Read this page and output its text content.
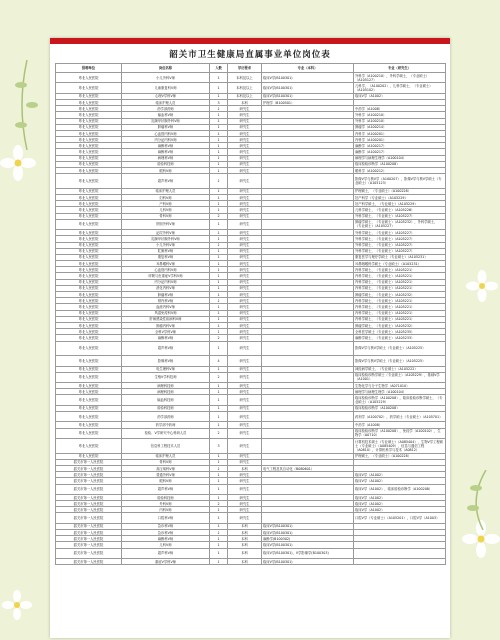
韶关市卫生健康局直属事业单位岗位表
招聘单位	岗位名称	人数	学历要求	专业（本科）	专业（研究生）
粤北人民医院	小儿外科V师	1	本科及以上	临床V学(B100301)	外科学（A100210），外科学硕士，（专业硕士）（A105127）
粤北人民医院	儿童康复科V师	1	本科及以上	临床V学(B100301)	儿科学，（A100202），儿科学硕士，（专业硕士）（A105102）
粤北人民医院	心理V学科V师	1	本科及以上	临床V学(B100301)	临床V学（A1002）
粤北人民医院	临床护理人员	3	本科	护理学（B100501）	
粤北人民医院	药学部药师	1	研究生		中药学（A1008）
粤北人民医院	输血科V师	1	研究生		外科学（A100210）
粤北人民医院	乳腺甲状腺外科V师	1	研究生		外科学（A100210）
粤北人民医院	肿瘤科V师	1	研究生		肿瘤学（A100214）
粤北人民医院	心血管内科V师	1	研究生		内科学（A100201）
粤北人民医院	内分泌内科V师	1	研究生		内科学（A100201）
粤北人民医院	麻醉科V师	1	研究生		麻醉学（A100217）
粤北人民医院	麻醉科V师	1	研究生		麻醉学（A100217）
粤北人民医院	病理科V师	1	研究生		病理学与病理生理学（A100104）
粤北人民医院	检验科技师	1	研究生		临床检验诊断学（A100208）
粤北人民医院	眼科V师	1	研究生		眼科学（A100212）
粤北人民医院	超声科V师	1	研究生		影像V学与核V学（A100207），影像V学与核V学硕士（专业硕士）（A105123）
粤北人民医院	临床护理人员	1	研究生		护理硕士，（专业硕士）（A100228）
粤北人民医院	妇科V师	1	研究生		妇产科学（专业硕士）（A105229）
粤北人民医院	产科V师	1	研究生		妇产科学硕士，（专业硕士）（A105229）
粤北人民医院	儿科V师	1	研究生		儿科学硕士，（专业硕士）（A105226）
粤北人民医院	骨科V师	2	研究生		外科学硕士，（专业硕士）（A105227）
粤北人民医院	肝胆外科V师	1	研究生		肿瘤学硕士，（专业硕士）（A105232），外科学硕士，（专业硕士）（A105227）
粤北人民医院	泌尿外科V师	1	研究生		外科学硕士，（专业硕士）（A105227）
粤北人民医院	乳腺甲状腺外科V师	1	研究生		外科学硕士，（专业硕士）（A105227）
粤北人民医院	小儿外科V师	1	研究生		外科学硕士，（专业硕士）（A105227）
粤北人民医院	肛肠科V师	1	研究生		外科学硕士，（专业硕士）（A105227）
粤北人民医院	康复科V师	1	研究生		康复医学与理疗学硕士（专业硕士）（A105231）
粤北人民医院	耳鼻喉科V师	1	研究生		耳鼻咽喉科学硕士（专业硕士）（A105231）
粤北人民医院	心血管内科V师	1	研究生		内科学硕士，（专业硕士）（A105221）
粤北人民医院	呼吸与危重症V学科V师	1	研究生		内科学硕士，（专业硕士）（A105221）
粤北人民医院	内分泌内科V师	1	研究生		内科学硕士，（专业硕士）（A105221）
粤北人民医院	消化内科V师	1	研究生		内科学硕士，（专业硕士）（A105221）
粤北人民医院	肿瘤科V师	1	研究生		肿瘤学硕士，（专业硕士）（A105232）
粤北人民医院	肾内科V师	1	研究生		内科学硕士，（专业硕士）（A105221）
粤北人民医院	血液内科V师	1	研究生		内科学硕士，（专业硕士）（A105221）
粤北人民医院	风湿免疫科V师	1	研究生		内科学硕士，（专业硕士）（A105221）
粤北人民医院	肝病感染性疾病科V师	1	研究生		内科学硕士，（专业硕士）（A105221）
粤北人民医院	肿瘤内科V师	1	研究生		肿瘤学硕士，（专业硕士）（A105232）
粤北人民医院	全科V学科V师	1	研究生		全科医学硕士（专业硕士）（A105235）
粤北人民医院	麻醉科V师	2	研究生		麻醉学硕士，（专业硕士）（A105233）
粤北人民医院	超声科V师	1	研究生		影像V学与核V学硕士（专业硕士）（A105225）
粤北人民医院	影像科V师	4	研究生		影像V学与核V学硕士（专业硕士）（A105225）
粤北人民医院	电生理科V师	1	研究生		神经病学硕士，（专业硕士）（A105222）
粤北人民医院	生殖V学科技师	2	研究生		临床检验诊断学硕士（专业硕士）（A105229），基础V学（A1001）
粤北人民医院	病理科技师	1	研究生		生物化学与分子生物学（A071010）
粤北人民医院	病理科技师	1	研究生		病理学与病理生理学（A100104）
粤北人民医院	输血科技师	1	研究生		临床检验诊断学（A100208），临床检验诊断学硕士，（专业硕士）（A105229）
粤北人民医院	检验科技师	1	研究生		临床检验诊断学（A100208）
粤北人民医院	药学部药师	1	研究生		药剂学（A100702），药学硕士（专业硕士）（A105701）
粤北人民医院	药学部中药师	1	研究生		中药学（A1008）
粤北人民医院	检验、V学研究中心科研人员	2	研究生		临床检验诊断学（A100208），免疫学（A100102），生物学（A0710）
粤北人民医院	信息科工程技术人员	3	研究生		计算机技术硕士（专业硕士）（A085404），生物V学工程硕士（专业硕士）（A085409），信息与通信工程（A0810），计算机科学与技术（A0812）
粤北人民医院	临床护理人员	1	研究生		护理硕士，（专业硕士）（A100228）
韶关市第一人民医院	骨科V师	1	研究生		
韶关市第一人民医院	高压氧科V师	1	本科	电气工程及其自动化（B080601）	
韶关市第一人民医院	普通外科V师	1	研究生		临床V学（A1002）
韶关市第一人民医院	眼科V师	1	研究生		临床V学（A1002）
韶关市第一人民医院	超声科V师	1	研究生		临床V学（A1002），临床检验诊断学（A100208）
韶关市第一人民医院	检验科技师	1	研究生		临床V学（A1002）
韶关市第一人民医院	外科V师	2	研究生		临床V学（A1002）
韶关市第一人民医院	内科V师	1	研究生		临床V学（A1002）
韶关市第一人民医院	口腔科V师	1	研究生		口腔V学（专业硕士）（A105201），口腔V学（A1003）
韶关市第一人民医院	急诊科V师	1	本科	临床V学(B100301)	
韶关市第一人民医院	急诊科V师	1	本科	临床V学(B100301)	
韶关市第一人民医院	麻醉科V师	1	本科	麻醉学(B100302)	
韶关市第一人民医院	儿科V师	1	本科	临床V学(B100301)	
韶关市第一人民医院	超声科V师	1	本科	临床V学(B100301)，V学影像学(B100303)	
韶关市第一人民医院	重症V学科V师	1	本科	临床V学(B100301)	
